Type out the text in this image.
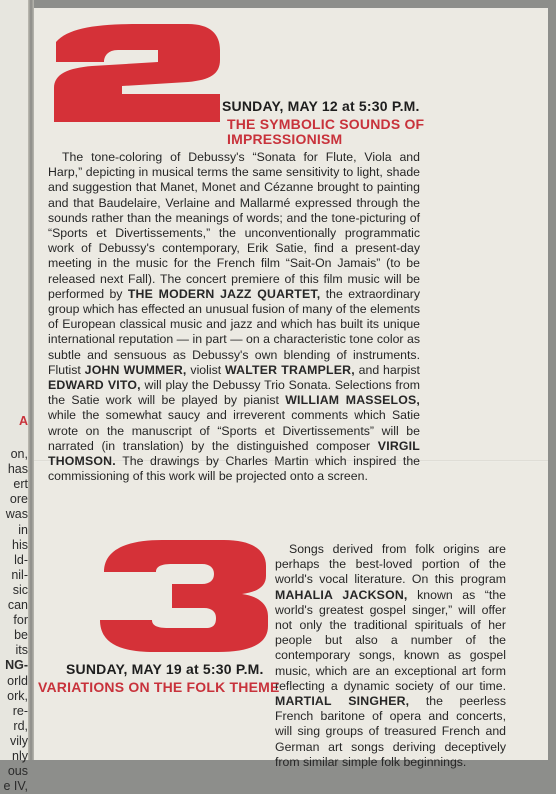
A
on,
has
ert
ore
was
in
his
ld-
nil-
sic
can
for
be
its
NG-
orld
ork,
re-
rd,
vily
nly
ous
e IV,
SUNDAY, MAY 12 at 5:30 P.M.
THE SYMBOLIC SOUNDS OF
IMPRESSIONISM
The tone-coloring of Debussy's “Sonata for Flute, Viola and Harp,” depicting in musical terms the same sensitivity to light, shade and suggestion that Manet, Monet and Cézanne brought to painting and that Baudelaire, Verlaine and Mallarmé expressed through the sounds rather than the meanings of words; and the tone-picturing of “Sports et Divertissements,” the unconventionally programmatic work of Debussy's contemporary, Erik Satie, find a present-day meeting in the music for the French film “Sait-On Jamais” (to be released next Fall). The concert premiere of this film music will be performed by THE MODERN JAZZ QUARTET, the extraordinary group which has effected an unusual fusion of many of the elements of European classical music and jazz and which has built its unique international reputation — in part — on a characteristic tone color as subtle and sensuous as Debussy's own blending of instruments. Flutist JOHN WUMMER, violist WALTER TRAMPLER, and harpist EDWARD VITO, will play the Debussy Trio Sonata. Selections from the Satie work will be played by pianist WILLIAM MASSELOS, while the somewhat saucy and irreverent comments which Satie wrote on the manuscript of “Sports et Divertissements” will be narrated (in translation) by the distinguished composer VIRGIL THOMSON. The drawings by Charles Martin which inspired the commissioning of this work will be projected onto a screen.
SUNDAY, MAY 19 at 5:30 P.M.
VARIATIONS ON THE FOLK THEME
Songs derived from folk origins are perhaps the best-loved portion of the world's vocal literature. On this program MAHALIA JACKSON, known as “the world's greatest gospel singer,” will offer not only the traditional spirituals of her people but also a number of the contemporary songs, known as gospel music, which are an exceptional art form reflecting a dynamic society of our time. MARTIAL SINGHER, the peerless French baritone of opera and concerts, will sing groups of treasured French and German art songs deriving deceptively from similar simple folk beginnings.
